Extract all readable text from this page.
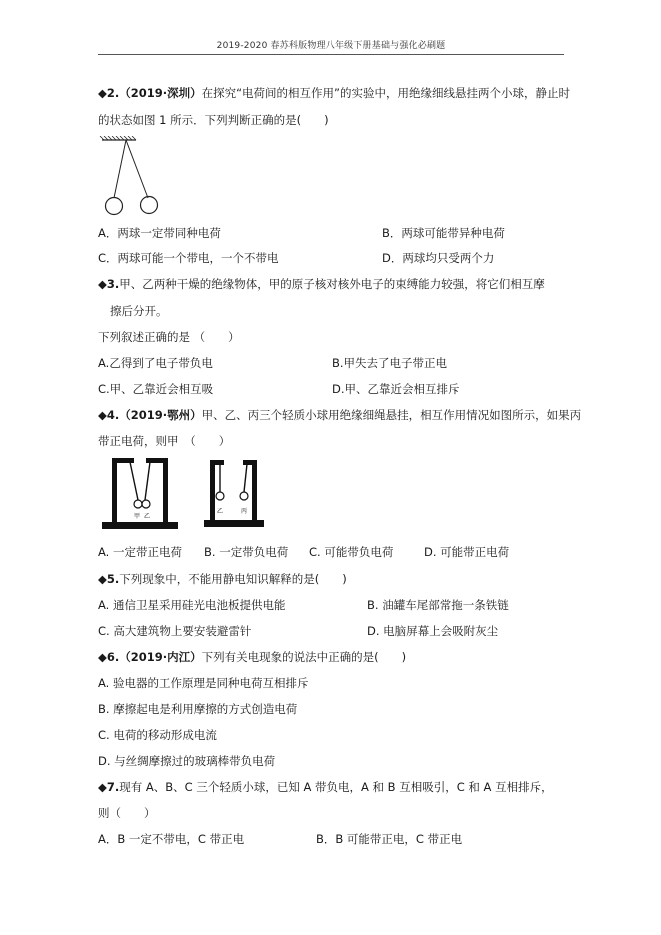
2019-2020 春苏科版物理八年级下册基础与强化必刷题
◆2.（2019·深圳）在探究“电荷间的相互作用”的实验中，用绝缘细线悬挂两个小球，静止时
的状态如图 1 所示．下列判断正确的是(　　)
A．两球一定带同种电荷	B．两球可能带异种电荷
C．两球可能一个带电，一个不带电	D．两球均只受两个力
◆3.甲、乙两种干燥的绝缘物体，甲的原子核对核外电子的束缚能力较强，将它们相互摩
擦后分开。
下列叙述正确的是 （　　）
A.乙得到了电子带负电	B.甲失去了电子带正电
C.甲、乙靠近会相互吸	D.甲、乙靠近会相互排斥
◆4.（2019·鄂州）甲、乙、丙三个轻质小球用绝缘细绳悬挂，相互作用情况如图所示，如果丙
带正电荷，则甲　（　　）
甲 乙
乙	丙
A. 一定带正电荷 B. 一定带负电荷 C. 可能带负电荷	D. 可能带正电荷
◆5.下列现象中，不能用静电知识解释的是(　　)
A. 通信卫星采用硅光电池板提供电能	B. 油罐车尾部常拖一条铁链
C. 高大建筑物上要安装避雷针	D. 电脑屏幕上会吸附灰尘
◆6.（2019·内江）下列有关电现象的说法中正确的是(　　)
A. 验电器的工作原理是同种电荷互相排斥
B. 摩擦起电是利用摩擦的方式创造电荷
C. 电荷的移动形成电流
D. 与丝绸摩擦过的玻璃棒带负电荷
◆7.现有 A、B、C 三个轻质小球，已知 A 带负电，A 和 B 互相吸引，C 和 A 互相排斥，
则（　　）
A．B 一定不带电，C 带正电	B．B 可能带正电，C 带正电
